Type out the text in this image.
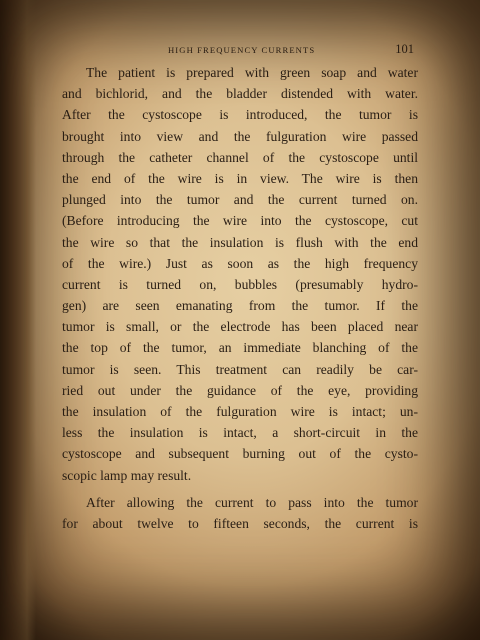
HIGH FREQUENCY CURRENTS	101
The patient is prepared with green soap and water
and bichlorid, and the bladder distended with water.
After the cystoscope is introduced, the tumor is
brought into view and the fulguration wire passed
through the catheter channel of the cystoscope until
the end of the wire is in view. The wire is then
plunged into the tumor and the current turned on.
(Before introducing the wire into the cystoscope, cut
the wire so that the insulation is flush with the end
of the wire.) Just as soon as the high frequency
current is turned on, bubbles (presumably hydro-
gen) are seen emanating from the tumor. If the
tumor is small, or the electrode has been placed near
the top of the tumor, an immediate blanching of the
tumor is seen. This treatment can readily be car-
ried out under the guidance of the eye, providing
the insulation of the fulguration wire is intact; un-
less the insulation is intact, a short-circuit in the
cystoscope and subsequent burning out of the cysto-
scopic lamp may result.
After allowing the current to pass into the tumor
for about twelve to fifteen seconds, the current is
